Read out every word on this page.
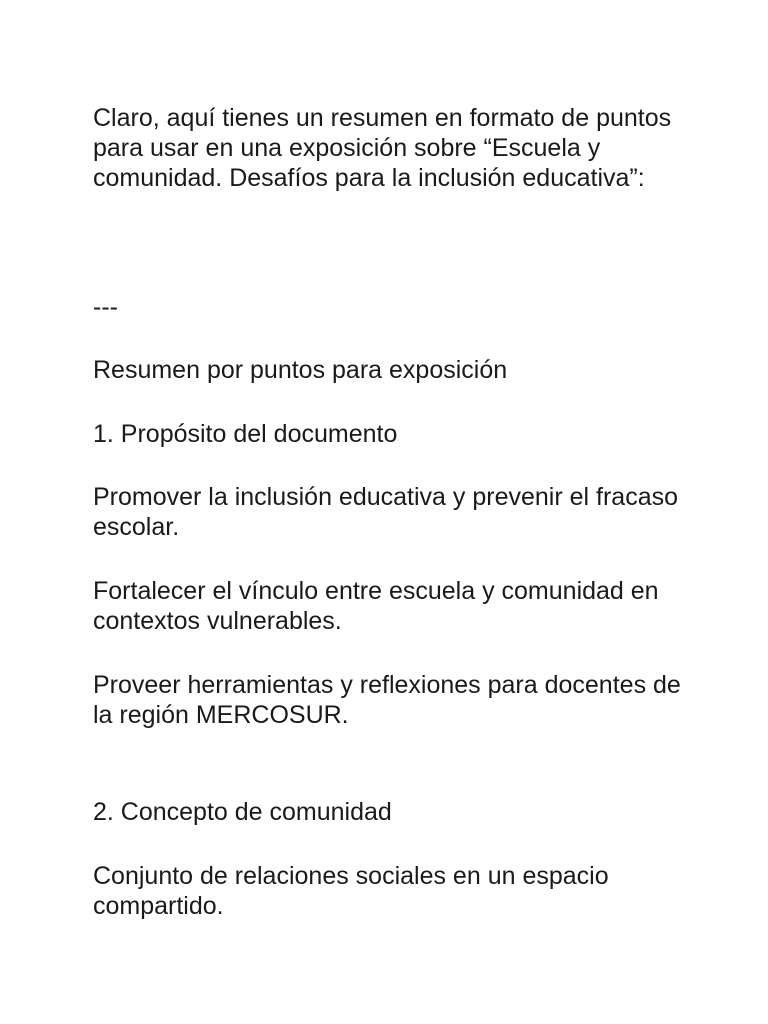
Claro, aquí tienes un resumen en formato de puntos para usar en una exposición sobre “Escuela y comunidad. Desafíos para la inclusión educativa”:

---

Resumen por puntos para exposición

1. Propósito del documento

Promover la inclusión educativa y prevenir el fracaso escolar.

Fortalecer el vínculo entre escuela y comunidad en contextos vulnerables.

Proveer herramientas y reflexiones para docentes de la región MERCOSUR.

2. Concepto de comunidad

Conjunto de relaciones sociales en un espacio compartido.
